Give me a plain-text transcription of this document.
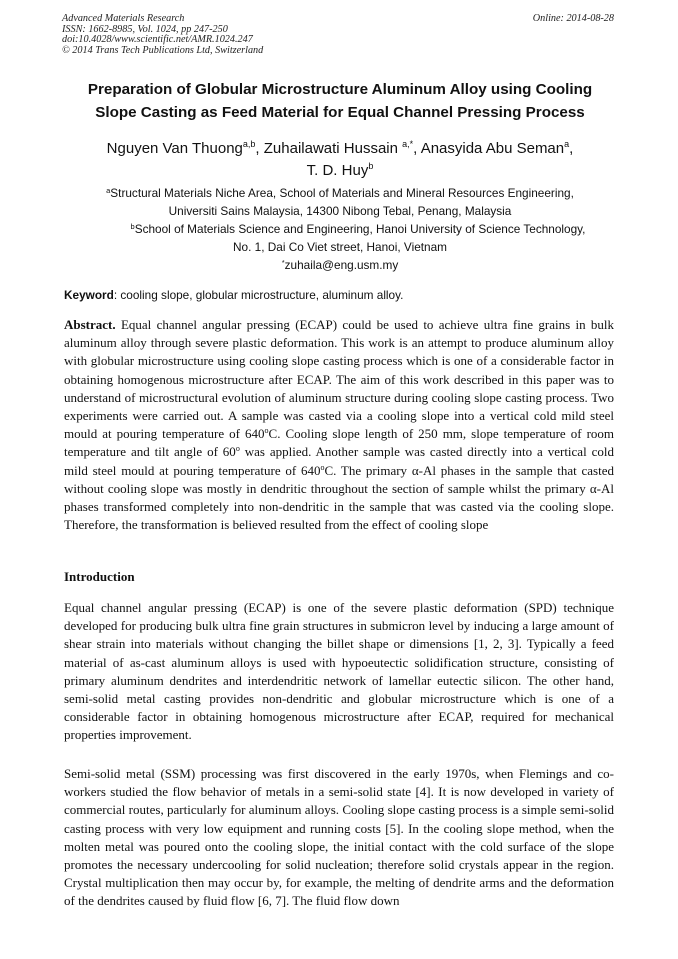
Advanced Materials Research
ISSN: 1662-8985, Vol. 1024, pp 247-250
doi:10.4028/www.scientific.net/AMR.1024.247
© 2014 Trans Tech Publications Ltd, Switzerland
Online: 2014-08-28
Preparation of Globular Microstructure Aluminum Alloy using Cooling
Slope Casting as Feed Material for Equal Channel Pressing Process
Nguyen Van Thuong$^{a,b}$, Zuhailawati Hussain $^{a,*}$, Anasyida Abu Seman$^a$,
T. D. Huy$^b$
$^a$Structural Materials Niche Area, School of Materials and Mineral Resources Engineering,
Universiti Sains Malaysia, 14300 Nibong Tebal, Penang, Malaysia
$^b$School of Materials Science and Engineering, Hanoi University of Science Technology,
No. 1, Dai Co Viet street, Hanoi, Vietnam
*zuhaila@eng.usm.my
Keyword: cooling slope, globular microstructure, aluminum alloy.
Abstract. Equal channel angular pressing (ECAP) could be used to achieve ultra fine grains in bulk aluminum alloy through severe plastic deformation. This work is an attempt to produce aluminum alloy with globular microstructure using cooling slope casting process which is one of a considerable factor in obtaining homogenous microstructure after ECAP. The aim of this work described in this paper was to understand of microstructural evolution of aluminum structure during cooling slope casting process. Two experiments were carried out. A sample was casted via a cooling slope into a vertical cold mild steel mould at pouring temperature of 640$^o$C. Cooling slope length of 250 mm, slope temperature of room temperature and tilt angle of 60$^o$ was applied. Another sample was casted directly into a vertical cold mild steel mould at pouring temperature of 640$^o$C. The primary α-Al phases in the sample that casted without cooling slope was mostly in dendritic throughout the section of sample whilst the primary α-Al phases transformed completely into non-dendritic in the sample that was casted via the cooling slope. Therefore, the transformation is believed resulted from the effect of cooling slope
Introduction
Equal channel angular pressing (ECAP) is one of the severe plastic deformation (SPD) technique developed for producing bulk ultra fine grain structures in submicron level by inducing a large amount of shear strain into materials without changing the billet shape or dimensions [1, 2, 3]. Typically a feed material of as-cast aluminum alloys is used with hypoeutectic solidification structure, consisting of primary aluminum dendrites and interdendritic network of lamellar eutectic silicon. The other hand, semi-solid metal casting provides non-dendritic and globular microstructure which is one of a considerable factor in obtaining homogenous microstructure after ECAP, required for mechanical properties improvement.
Semi-solid metal (SSM) processing was first discovered in the early 1970s, when Flemings and co-workers studied the flow behavior of metals in a semi-solid state [4]. It is now developed in variety of commercial routes, particularly for aluminum alloys. Cooling slope casting process is a simple semi-solid casting process with very low equipment and running costs [5]. In the cooling slope method, when the molten metal was poured onto the cooling slope, the initial contact with the cold surface of the slope promotes the necessary undercooling for solid nucleation; therefore solid crystals appear in the region. Crystal multiplication then may occur by, for example, the melting of dendrite arms and the deformation of the dendrites caused by fluid flow [6, 7]. The fluid flow down
